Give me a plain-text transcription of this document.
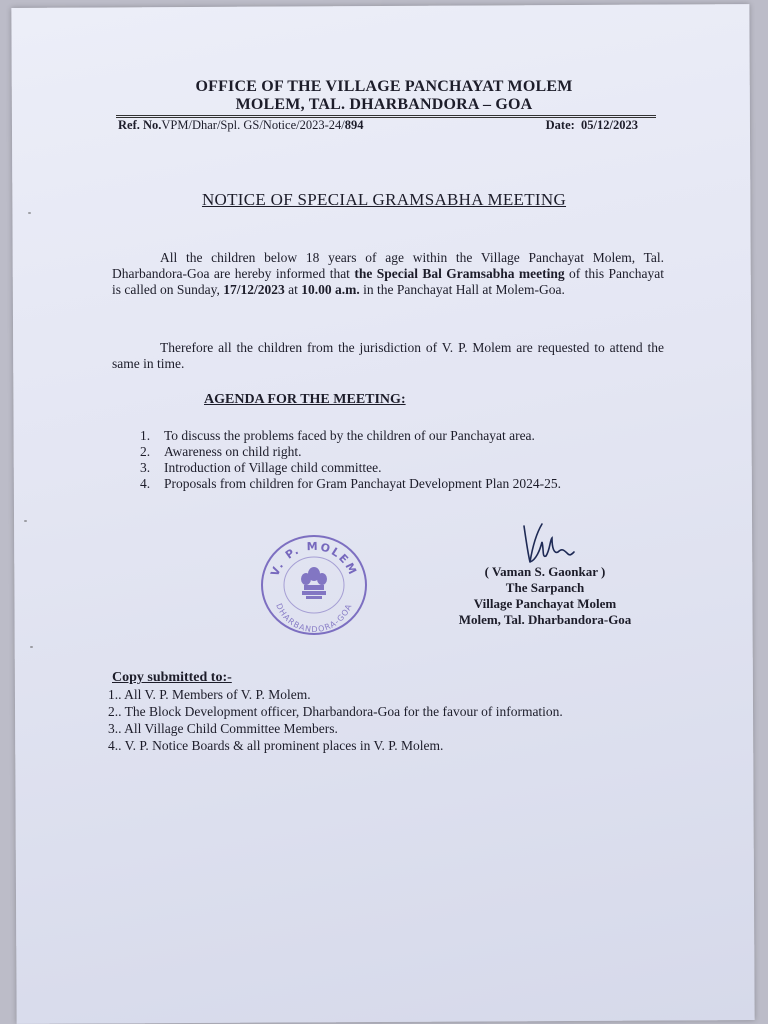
OFFICE OF THE VILLAGE PANCHAYAT MOLEM
MOLEM, TAL. DHARBANDORA – GOA
Ref. No.VPM/Dhar/Spl. GS/Notice/2023-24/894	Date: 05/12/2023
NOTICE OF SPECIAL GRAMSABHA MEETING
All the children below 18 years of age within the Village Panchayat Molem, Tal. Dharbandora-Goa are hereby informed that the Special Bal Gramsabha meeting of this Panchayat is called on Sunday, 17/12/2023 at 10.00 a.m. in the Panchayat Hall at Molem-Goa.
Therefore all the children from the jurisdiction of V. P. Molem are requested to attend the same in time.
AGENDA FOR THE MEETING:
1.	To discuss the problems faced by the children of our Panchayat area.
2.	Awareness on child right.
3.	Introduction of Village child committee.
4.	Proposals from children for Gram Panchayat Development Plan 2024-25.
V. P. MOLEM
DHARBANDORA-GOA
( Vaman S. Gaonkar )
The Sarpanch
Village Panchayat Molem
Molem, Tal. Dharbandora-Goa
Copy submitted to:-
1.. All V. P. Members of V. P. Molem.
2.. The Block Development officer, Dharbandora-Goa for the favour of information.
3.. All Village Child Committee Members.
4.. V. P. Notice Boards & all prominent places in V. P. Molem.
